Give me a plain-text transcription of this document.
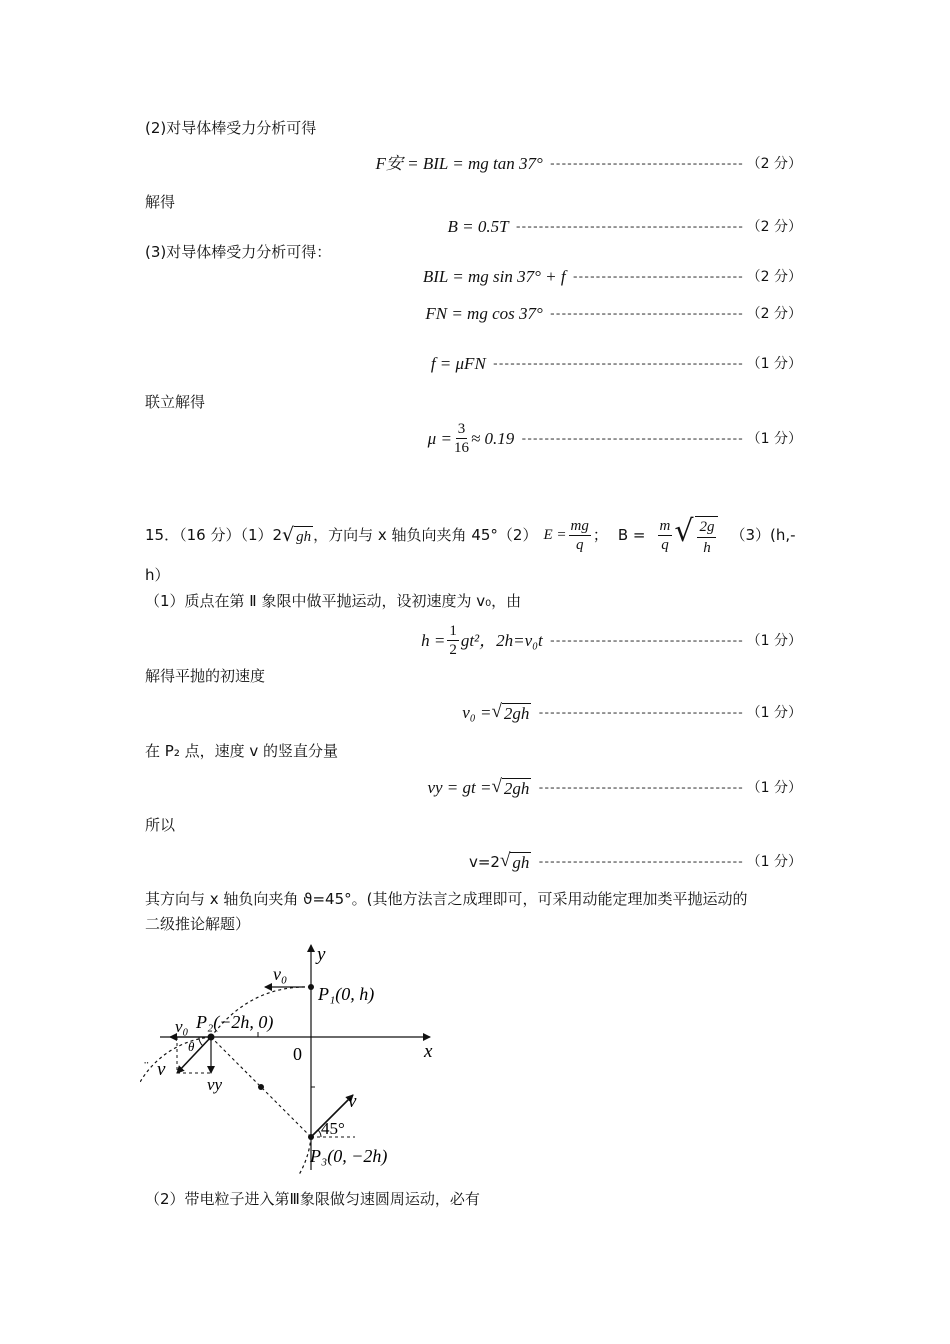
(2)对导体棒受力分析可得
F安 = BIL = mg tan 37° ---------------------------------- （2 分）
解得
B = 0.5T ---------------------------------------- （2 分）
(3)对导体棒受力分析可得：
BIL = mg sin 37° + f ------------------------------ （2 分）
FN = mg cos 37° ---------------------------------- （2 分）
f = μFN -------------------------------------------- （1 分）
联立解得
$\mu = \frac{3}{16} \approx 0.19$ --------------------------------------- （1 分）
15．（16 分）（1）2 √ gh ，方向与 x 轴负向夹角 45°（2） $E = \frac{mg}{q}$ ； $B = \frac{m}{q}$ √ $\frac{2g}{h} (3)(h,-$
h）
（1）质点在第 Ⅱ 象限中做平抛运动，设初速度为 v₀，由
$h = \frac{1}{2} gt^2$，2h=v₀t ---------------------------------- （1 分）
解得平抛的初速度
v₀ = √ 2gh ------------------------------------ （1 分）
在 P₂ 点，速度 v 的竖直分量
vy = gt = √ 2gh ------------------------------------ （1 分）
所以
v=2 √ gh ------------------------------------ （1 分）
其方向与 x 轴负向夹角 ϑ=45°。(其他方法言之成理即可，可采用动能定理加类平抛运动的
二级推论解题）
x
y
0
v₀
P₁(0, h)
v₀ P₂(−2h, 0)
θ
v
¨
vy
v
45°
P₃(0, −2h)
（2）带电粒子进入第Ⅲ象限做匀速圆周运动，必有
